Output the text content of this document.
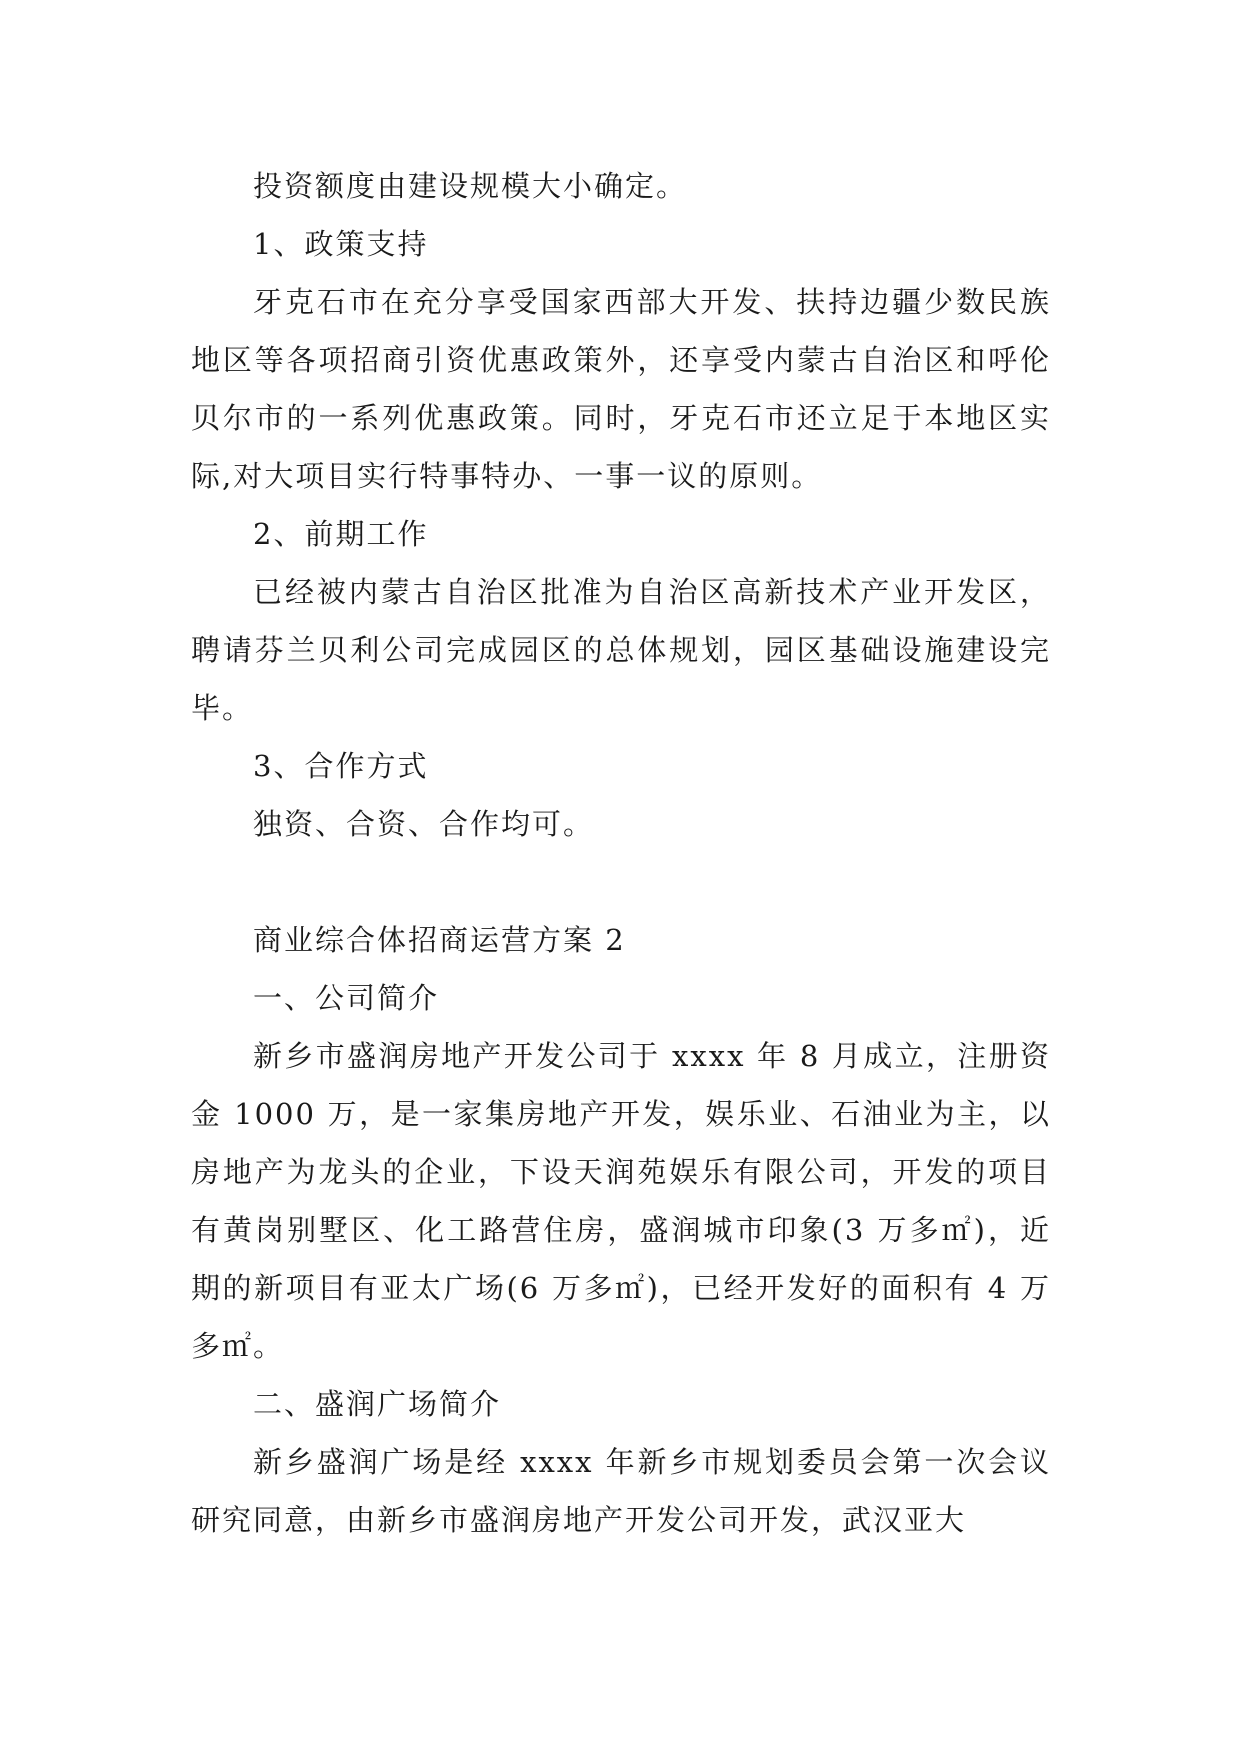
投资额度由建设规模大小确定。

1、政策支持

牙克石市在充分享受国家西部大开发、扶持边疆少数民族地区等各项招商引资优惠政策外，还享受内蒙古自治区和呼伦贝尔市的一系列优惠政策。同时，牙克石市还立足于本地区实际,对大项目实行特事特办、一事一议的原则。

2、前期工作

已经被内蒙古自治区批准为自治区高新技术产业开发区，聘请芬兰贝利公司完成园区的总体规划，园区基础设施建设完毕。

3、合作方式

独资、合资、合作均可。

商业综合体招商运营方案 2

一、公司简介

新乡市盛润房地产开发公司于 xxxx 年 8 月成立，注册资金 1000 万，是一家集房地产开发，娱乐业、石油业为主，以房地产为龙头的企业，下设天润苑娱乐有限公司，开发的项目有黄岗别墅区、化工路营住房，盛润城市印象(3 万多㎡)，近期的新项目有亚太广场(6 万多㎡)，已经开发好的面积有 4 万多㎡。

二、盛润广场简介

新乡盛润广场是经 xxxx 年新乡市规划委员会第一次会议研究同意，由新乡市盛润房地产开发公司开发，武汉亚大
